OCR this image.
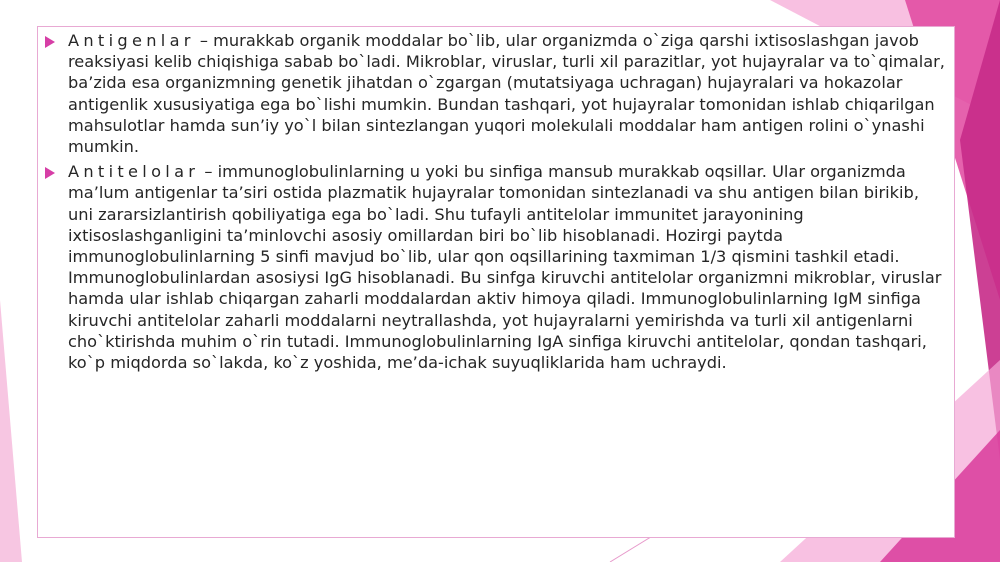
Antigenlar – murakkab organik moddalar bo`lib, ular organizmda o`ziga qarshi ixtisoslashgan javob reaksiyasi kelib chiqishiga sabab bo`ladi. Mikroblar, viruslar, turli xil parazitlar, yot hujayralar va to`qimalar, ba’zida esa organizmning genetik jihatdan o`zgargan (mutatsiyaga uchragan) hujayralari va hokazolar antigenlik xususiyatiga ega bo`lishi mumkin. Bundan tashqari, yot hujayralar tomonidan ishlab chiqarilgan mahsulotlar hamda sun’iy yo`l bilan sintezlangan yuqori molekulali moddalar ham antigen rolini o`ynashi mumkin.
Antitelolar – immunoglobulinlarning u yoki bu sinfiga mansub murakkab oqsillar. Ular organizmda ma’lum antigenlar ta’siri ostida plazmatik hujayralar tomonidan sintezlanadi va shu antigen bilan birikib, uni zararsizlantirish qobiliyatiga ega bo`ladi. Shu tufayli antitelolar immunitet jarayonining ixtisoslashganligini ta’minlovchi asosiy omillardan biri bo`lib hisoblanadi. Hozirgi paytda immunoglobulinlarning 5 sinfi mavjud bo`lib, ular qon oqsillarining taxmiman 1/3 qismini tashkil etadi. Immunoglobulinlardan asosiysi IgG hisoblanadi. Bu sinfga kiruvchi antitelolar organizmni mikroblar, viruslar hamda ular ishlab chiqargan zaharli moddalardan aktiv himoya qiladi. Immunoglobulinlarning IgM sinfiga kiruvchi antitelolar zaharli moddalarni neytrallashda, yot hujayralarni yemirishda va turli xil antigenlarni cho`ktirishda muhim o`rin tutadi. Immunoglobulinlarning IgA sinfiga kiruvchi antitelolar, qondan tashqari, ko`p miqdorda so`lakda, ko`z yoshida, me’da-ichak suyuqliklarida ham uchraydi.
